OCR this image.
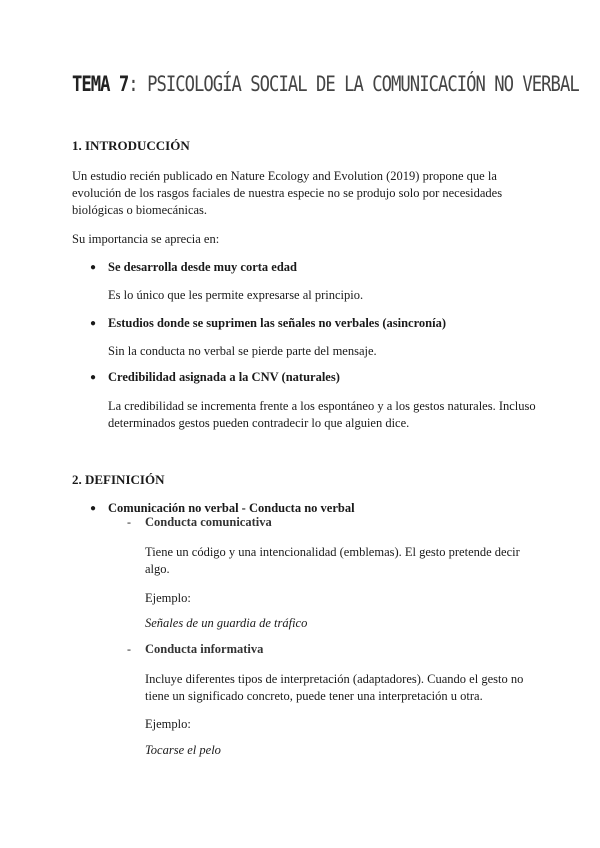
TEMA 7: PSICOLOGÍA SOCIAL DE LA COMUNICACIÓN NO VERBAL
1. INTRODUCCIÓN
Un estudio recién publicado en Nature Ecology and Evolution (2019) propone que la
evolución de los rasgos faciales de nuestra especie no se produjo solo por necesidades
biológicas o biomecánicas.
Su importancia se aprecia en:
● Se desarrolla desde muy corta edad
Es lo único que les permite expresarse al principio.
● Estudios donde se suprimen las señales no verbales (asincronía)
Sin la conducta no verbal se pierde parte del mensaje.
● Credibilidad asignada a la CNV (naturales)
La credibilidad se incrementa frente a los espontáneo y a los gestos naturales. Incluso
determinados gestos pueden contradecir lo que alguien dice.
2. DEFINICIÓN
● Comunicación no verbal - Conducta no verbal
- Conducta comunicativa
Tiene un código y una intencionalidad (emblemas). El gesto pretende decir
algo.
Ejemplo:
Señales de un guardia de tráfico
- Conducta informativa
Incluye diferentes tipos de interpretación (adaptadores). Cuando el gesto no
tiene un significado concreto, puede tener una interpretación u otra.
Ejemplo:
Tocarse el pelo
